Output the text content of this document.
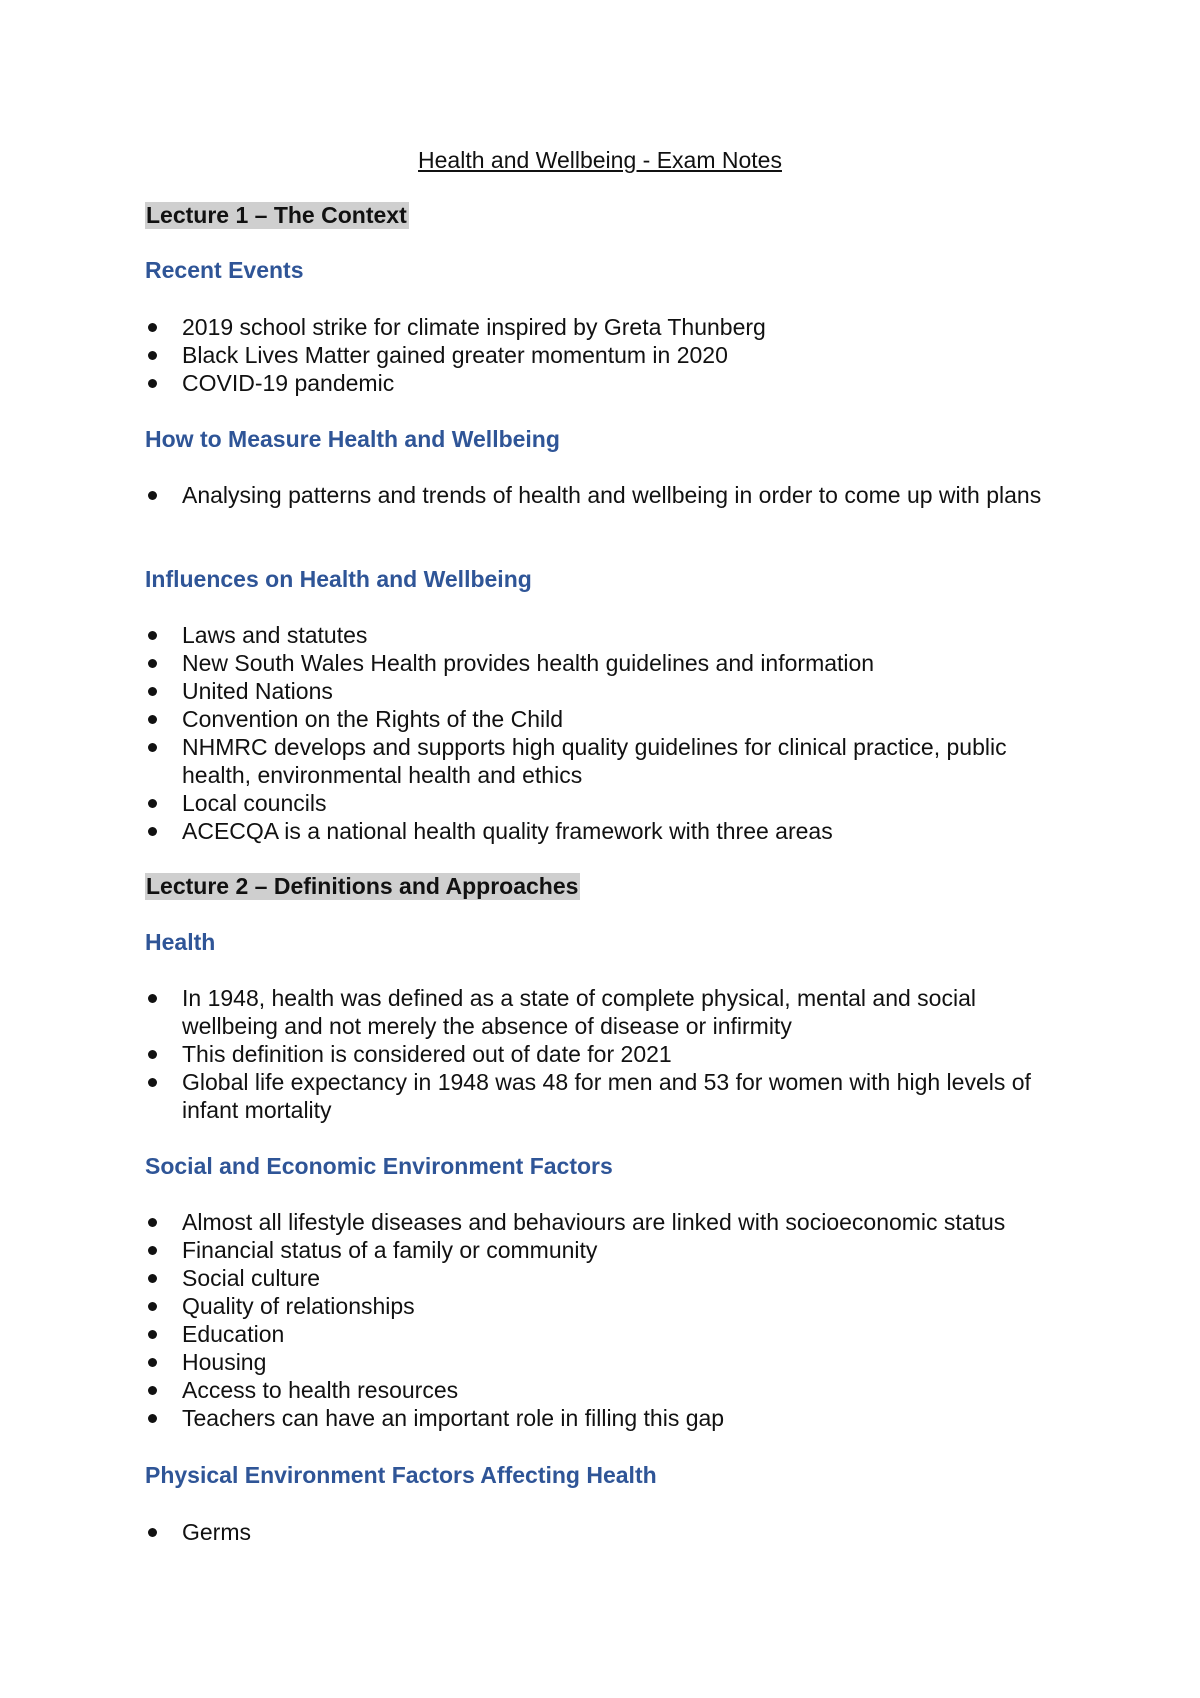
Health and Wellbeing - Exam Notes
Lecture 1 – The Context
Recent Events
2019 school strike for climate inspired by Greta Thunberg
Black Lives Matter gained greater momentum in 2020
COVID-19 pandemic
How to Measure Health and Wellbeing
Analysing patterns and trends of health and wellbeing in order to come up with plans
Influences on Health and Wellbeing
Laws and statutes
New South Wales Health provides health guidelines and information
United Nations
Convention on the Rights of the Child
NHMRC develops and supports high quality guidelines for clinical practice, public health, environmental health and ethics
Local councils
ACECQA is a national health quality framework with three areas
Lecture 2 – Definitions and Approaches
Health
In 1948, health was defined as a state of complete physical, mental and social wellbeing and not merely the absence of disease or infirmity
This definition is considered out of date for 2021
Global life expectancy in 1948 was 48 for men and 53 for women with high levels of infant mortality
Social and Economic Environment Factors
Almost all lifestyle diseases and behaviours are linked with socioeconomic status
Financial status of a family or community
Social culture
Quality of relationships
Education
Housing
Access to health resources
Teachers can have an important role in filling this gap
Physical Environment Factors Affecting Health
Germs
